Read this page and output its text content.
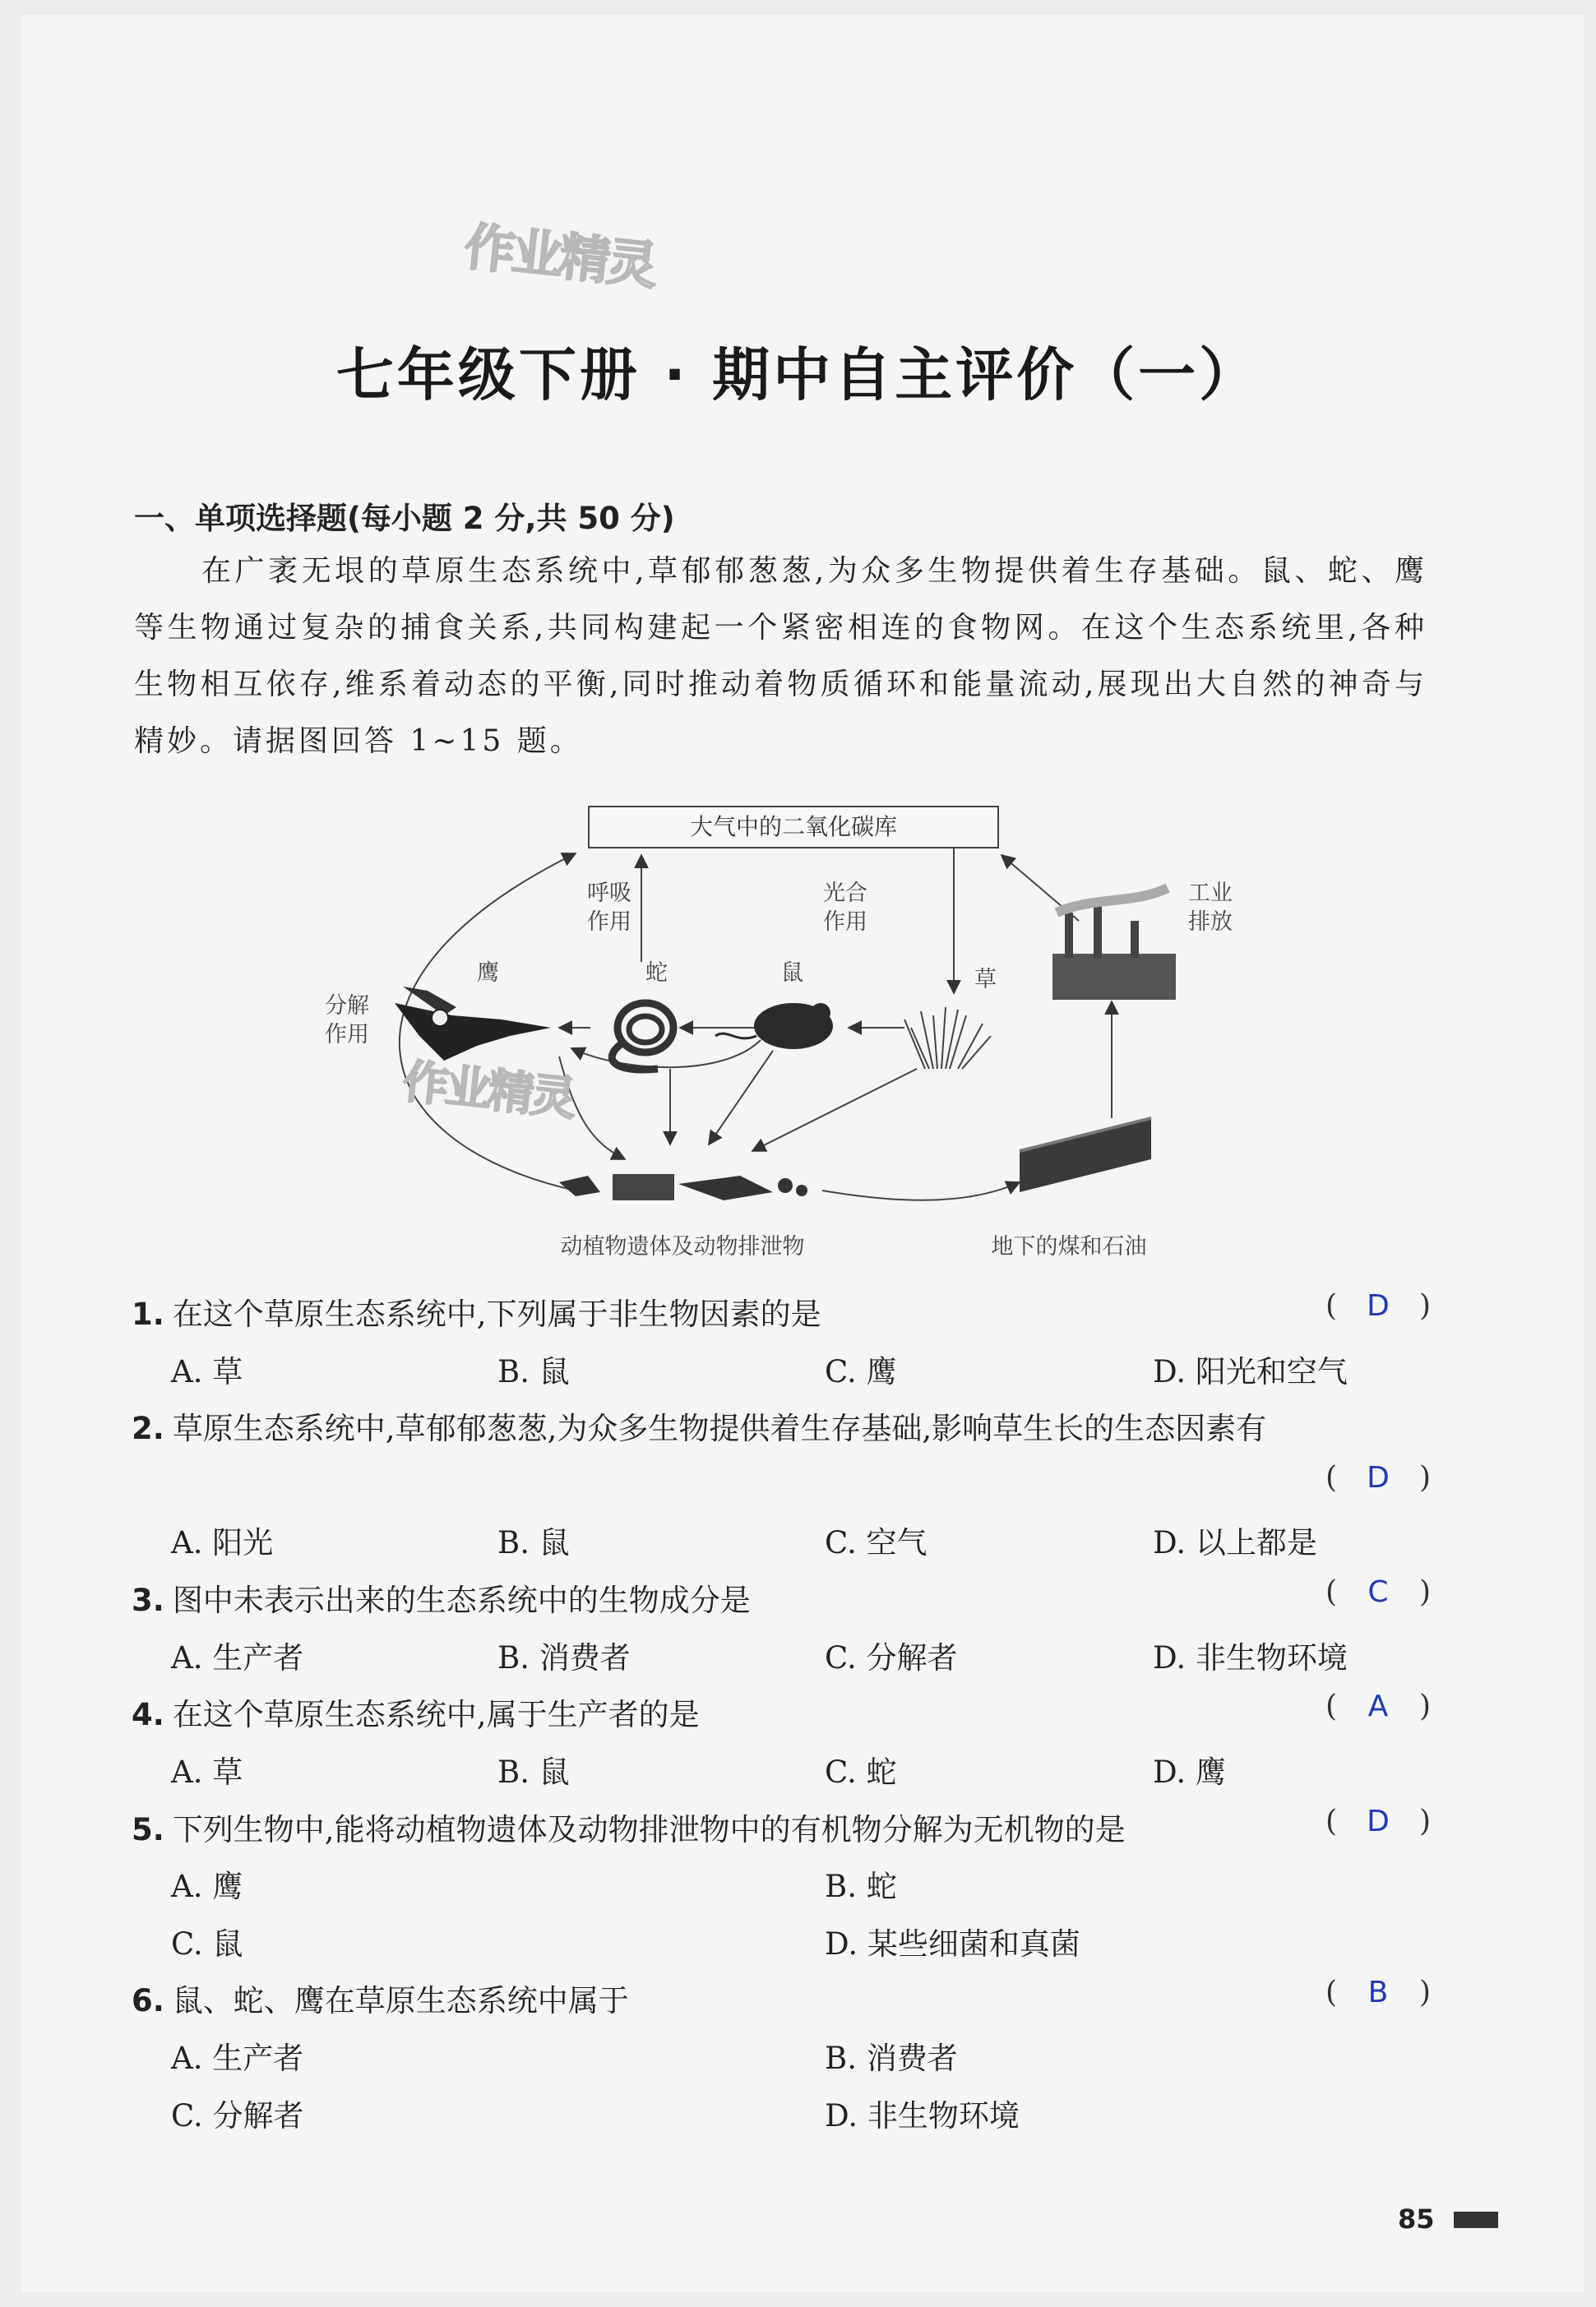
作业精灵
七年级下册 · 期中自主评价（一）
一、单项选择题(每小题 2 分,共 50 分)
在广袤无垠的草原生态系统中,草郁郁葱葱,为众多生物提供着生存基础。鼠、蛇、鹰等生物通过复杂的捕食关系,共同构建起一个紧密相连的食物网。在这个生态系统里,各种生物相互依存,维系着动态的平衡,同时推动着物质循环和能量流动,展现出大自然的神奇与精妙。请据图回答 1~15 题。
大气中的二氧化碳库
呼吸
作用
光合
作用
工业
排放
分解
作用
鹰	蛇	鼠	草
动植物遗体及动物排泄物	地下的煤和石油
作业精灵
1. 在这个草原生态系统中,下列属于非生物因素的是	(	D	)
A. 草	B. 鼠	C. 鹰	D. 阳光和空气
2. 草原生态系统中,草郁郁葱葱,为众多生物提供着生存基础,影响草生长的生态因素有
(	D	)
A. 阳光	B. 鼠	C. 空气	D. 以上都是
3. 图中未表示出来的生态系统中的生物成分是	(	C	)
A. 生产者	B. 消费者	C. 分解者	D. 非生物环境
4. 在这个草原生态系统中,属于生产者的是	(	A	)
A. 草	B. 鼠	C. 蛇	D. 鹰
5. 下列生物中,能将动植物遗体及动物排泄物中的有机物分解为无机物的是	(	D	)
A. 鹰	B. 蛇
C. 鼠	D. 某些细菌和真菌
6. 鼠、蛇、鹰在草原生态系统中属于	(	B	)
A. 生产者	B. 消费者
C. 分解者	D. 非生物环境
85
